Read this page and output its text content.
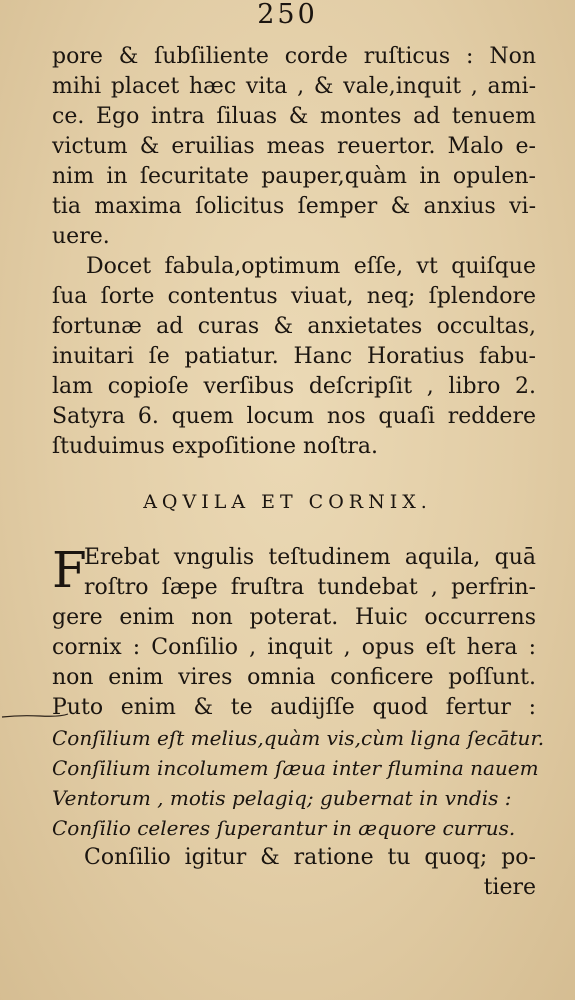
250
pore & ſubſiliente corde ruſticus : Non
mihi placet hæc vita , & vale,inquit , ami-
ce. Ego intra ſiluas & montes ad tenuem
victum & eruilias meas reuertor. Malo e-
nim in ſecuritate pauper,quàm in opulen-
tia maxima ſolicitus ſemper & anxius vi-
uere.
Docet fabula,optimum eſſe, vt quiſque
ſua ſorte contentus viuat, neq; ſplendore
fortunæ ad curas & anxietates occultas,
inuitari ſe patiatur. Hanc Horatius fabu-
lam copioſe verſibus deſcripſit , libro 2.
Satyra 6. quem locum nos quaſi reddere
ſtuduimus expoſitione noſtra.
AQVILA ET CORNIX.
F
Erebat vngulis teſtudinem aquila, quā
roſtro ſæpe fruſtra tundebat , perfrin-
gere enim non poterat. Huic occurrens
cornix : Conſilio , inquit , opus eſt hera :
non enim vires omnia conficere poſſunt.
Puto enim & te audijſſe quod fertur :
Conſilium eſt melius,quàm vis,cùm ligna ſecātur.
Conſilium incolumem ſæua inter flumina nauem
Ventorum , motis pelagiq; gubernat in vndis :
Conſilio celeres ſuperantur in æquore currus.
Conſilio igitur & ratione tu quoq; po-
tiere
